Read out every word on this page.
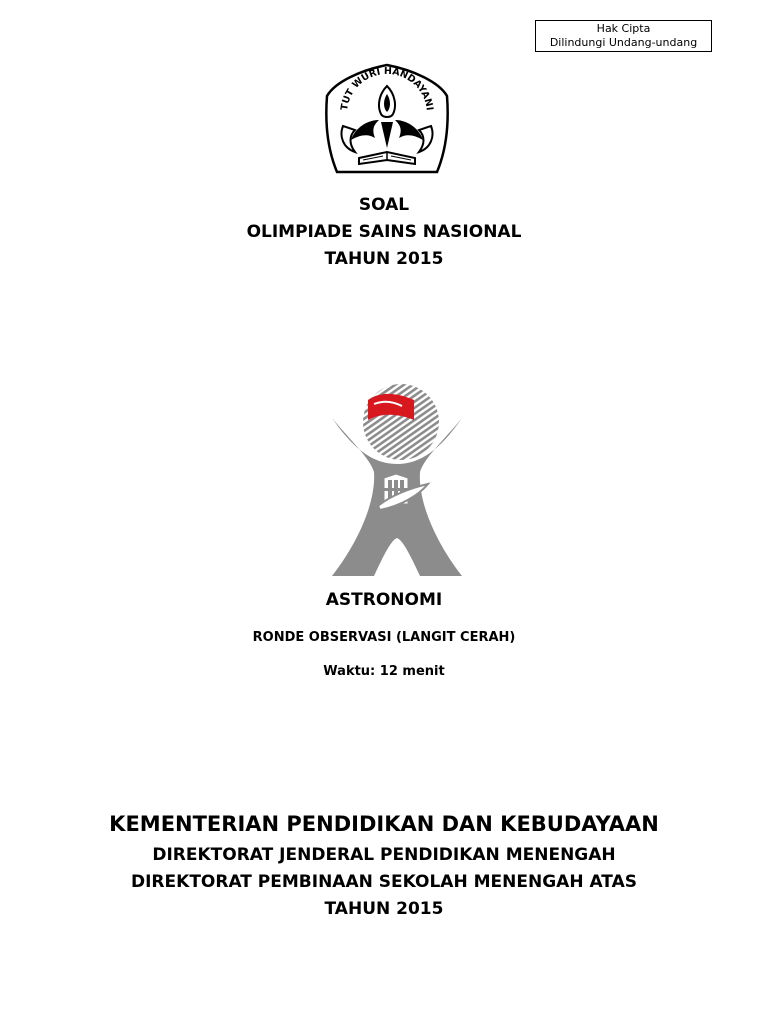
Hak Cipta
Dilindungi Undang-undang
TUT WURI HANDAYANI
SOAL
OLIMPIADE SAINS NASIONAL
TAHUN 2015
ASTRONOMI
RONDE OBSERVASI (LANGIT CERAH)
Waktu: 12 menit
KEMENTERIAN PENDIDIKAN DAN KEBUDAYAAN
DIREKTORAT JENDERAL PENDIDIKAN MENENGAH
DIREKTORAT PEMBINAAN SEKOLAH MENENGAH ATAS
TAHUN 2015
